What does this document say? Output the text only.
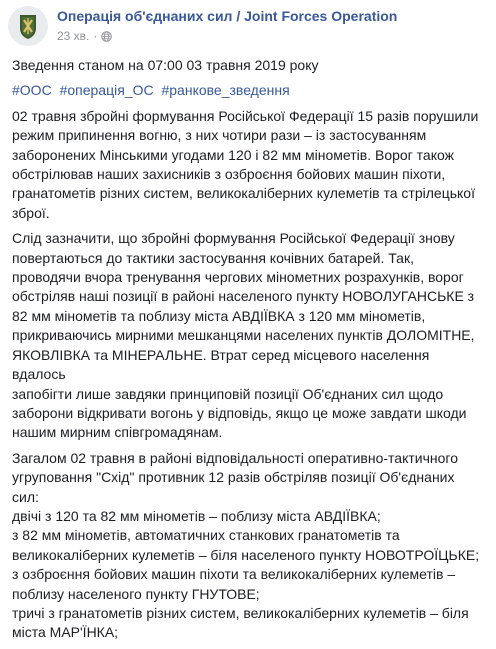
Операція об'єднаних сил / Joint Forces Operation
23 хв. ·

Зведення станом на 07:00 03 травня 2019 року

#ООС #операція_ОС #ранкове_зведення

02 травня збройні формування Російської Федерації 15 разів порушили
режим припинення вогню, з них чотири рази – із застосуванням
заборонених Мінськими угодами 120 і 82 мм мінометів. Ворог також
обстрілював наших захисників з озброєння бойових машин піхоти,
гранатометів різних систем, великокаліберних кулеметів та стрілецької
зброї.

Слід зазначити, що збройні формування Російської Федерації знову
повертаються до тактики застосування кочівних батарей. Так,
проводячи вчора тренування чергових мінометних розрахунків, ворог
обстріляв наші позиції в районі населеного пункту НОВОЛУГАНСЬКЕ з
82 мм мінометів та поблизу міста АВДІЇВКА з 120 мм мінометів,
прикриваючись мирними мешканцями населених пунктів ДОЛОМІТНЕ,
ЯКОВЛІВКА та МІНЕРАЛЬНЕ. Втрат серед місцевого населення вдалось
запобігти лише завдяки принциповій позиції Об'єднаних сил щодо
заборони відкривати вогонь у відповідь, якщо це може завдати шкоди
нашим мирним співгромадянам.

Загалом 02 травня в районі відповідальності оперативно-тактичного
угруповання "Схід" противник 12 разів обстріляв позиції Об'єднаних
сил:
двічі з 120 та 82 мм мінометів – поблизу міста АВДІЇВКА;
з 82 мм мінометів, автоматичних станкових гранатометів та
великокаліберних кулеметів – біля населеного пункту НОВОТРОЇЦЬКЕ;
з озброєння бойових машин піхоти та великокаліберних кулеметів –
поблизу населеного пункту ГНУТОВЕ;
тричі з гранатометів різних систем, великокаліберних кулеметів – біля
міста МАР'ЇНКА;
